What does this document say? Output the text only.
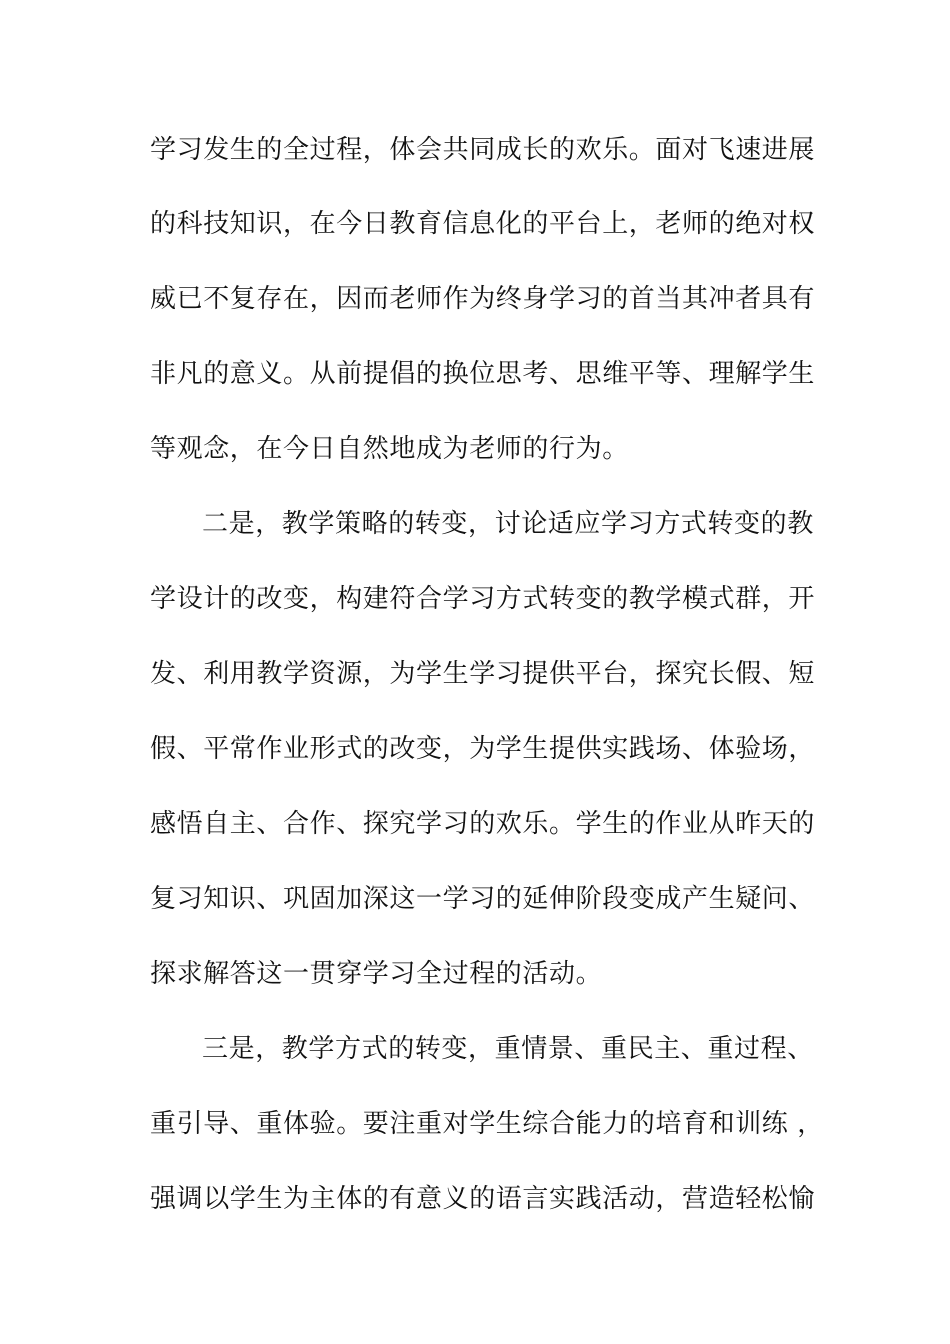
学习发生的全过程，体会共同成长的欢乐。面对飞速进展
的科技知识，在今日教育信息化的平台上，老师的绝对权
威已不复存在，因而老师作为终身学习的首当其冲者具有
非凡的意义。从前提倡的换位思考、思维平等、理解学生
等观念，在今日自然地成为老师的行为。
二是，教学策略的转变，讨论适应学习方式转变的教
学设计的改变，构建符合学习方式转变的教学模式群，开
发、利用教学资源，为学生学习提供平台，探究长假、短
假、平常作业形式的改变，为学生提供实践场、体验场，
感悟自主、合作、探究学习的欢乐。学生的作业从昨天的
复习知识、巩固加深这一学习的延伸阶段变成产生疑问、
探求解答这一贯穿学习全过程的活动。
三是，教学方式的转变，重情景、重民主、重过程、
重引导、重体验。要注重对学生综合能力的培育和训练 ，
强调以学生为主体的有意义的语言实践活动，营造轻松愉
